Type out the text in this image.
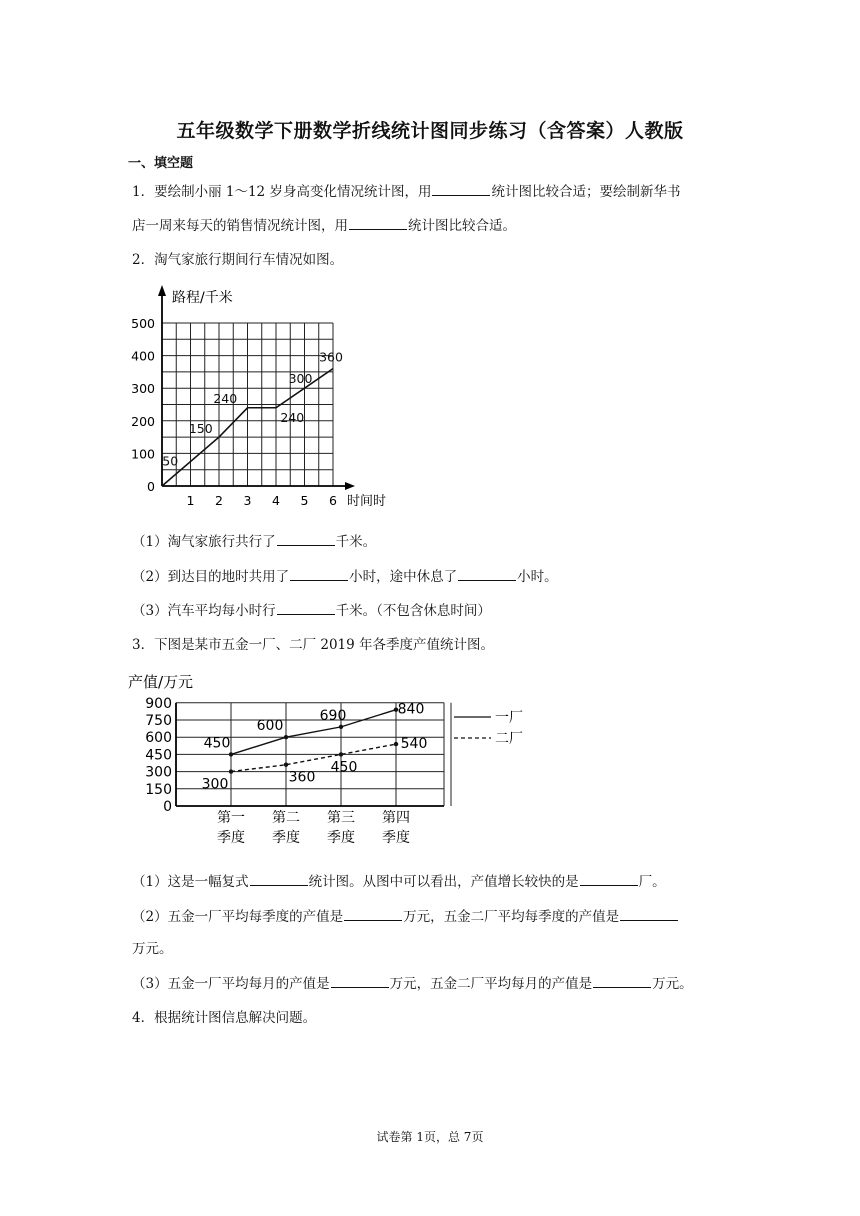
五年级数学下册数学折线统计图同步练习（含答案）人教版
一、填空题
1．要绘制小丽 1～12 岁身高变化情况统计图，用	统计图比较合适；要绘制新华书
店一周来每天的销售情况统计图，用	统计图比较合适。
2．淘气家旅行期间行车情况如图。
路程/千米
0
100
200
300
400
500
1 2 3 4 5 6 时间时
50
150
240
240
300
360
（1）淘气家旅行共行了	千米。
（2）到达目的地时共用了	小时，途中休息了	小时。
（3）汽车平均每小时行	千米。（不包含休息时间）
3．下图是某市五金一厂、二厂 2019 年各季度产值统计图。
0
150
300
450
600
750
900
产值/万元
第一
季度
第二
季度
第三
季度
第四
季度
450
600
690	840
一厂
300	360
450
540	二厂
（1）这是一幅复式	统计图。从图中可以看出，产值增长较快的是	厂。
（2）五金一厂平均每季度的产值是	万元，五金二厂平均每季度的产值是
万元。
（3）五金一厂平均每月的产值是	万元，五金二厂平均每月的产值是	万元。
4．根据统计图信息解决问题。
试卷第 1页，总 7页
